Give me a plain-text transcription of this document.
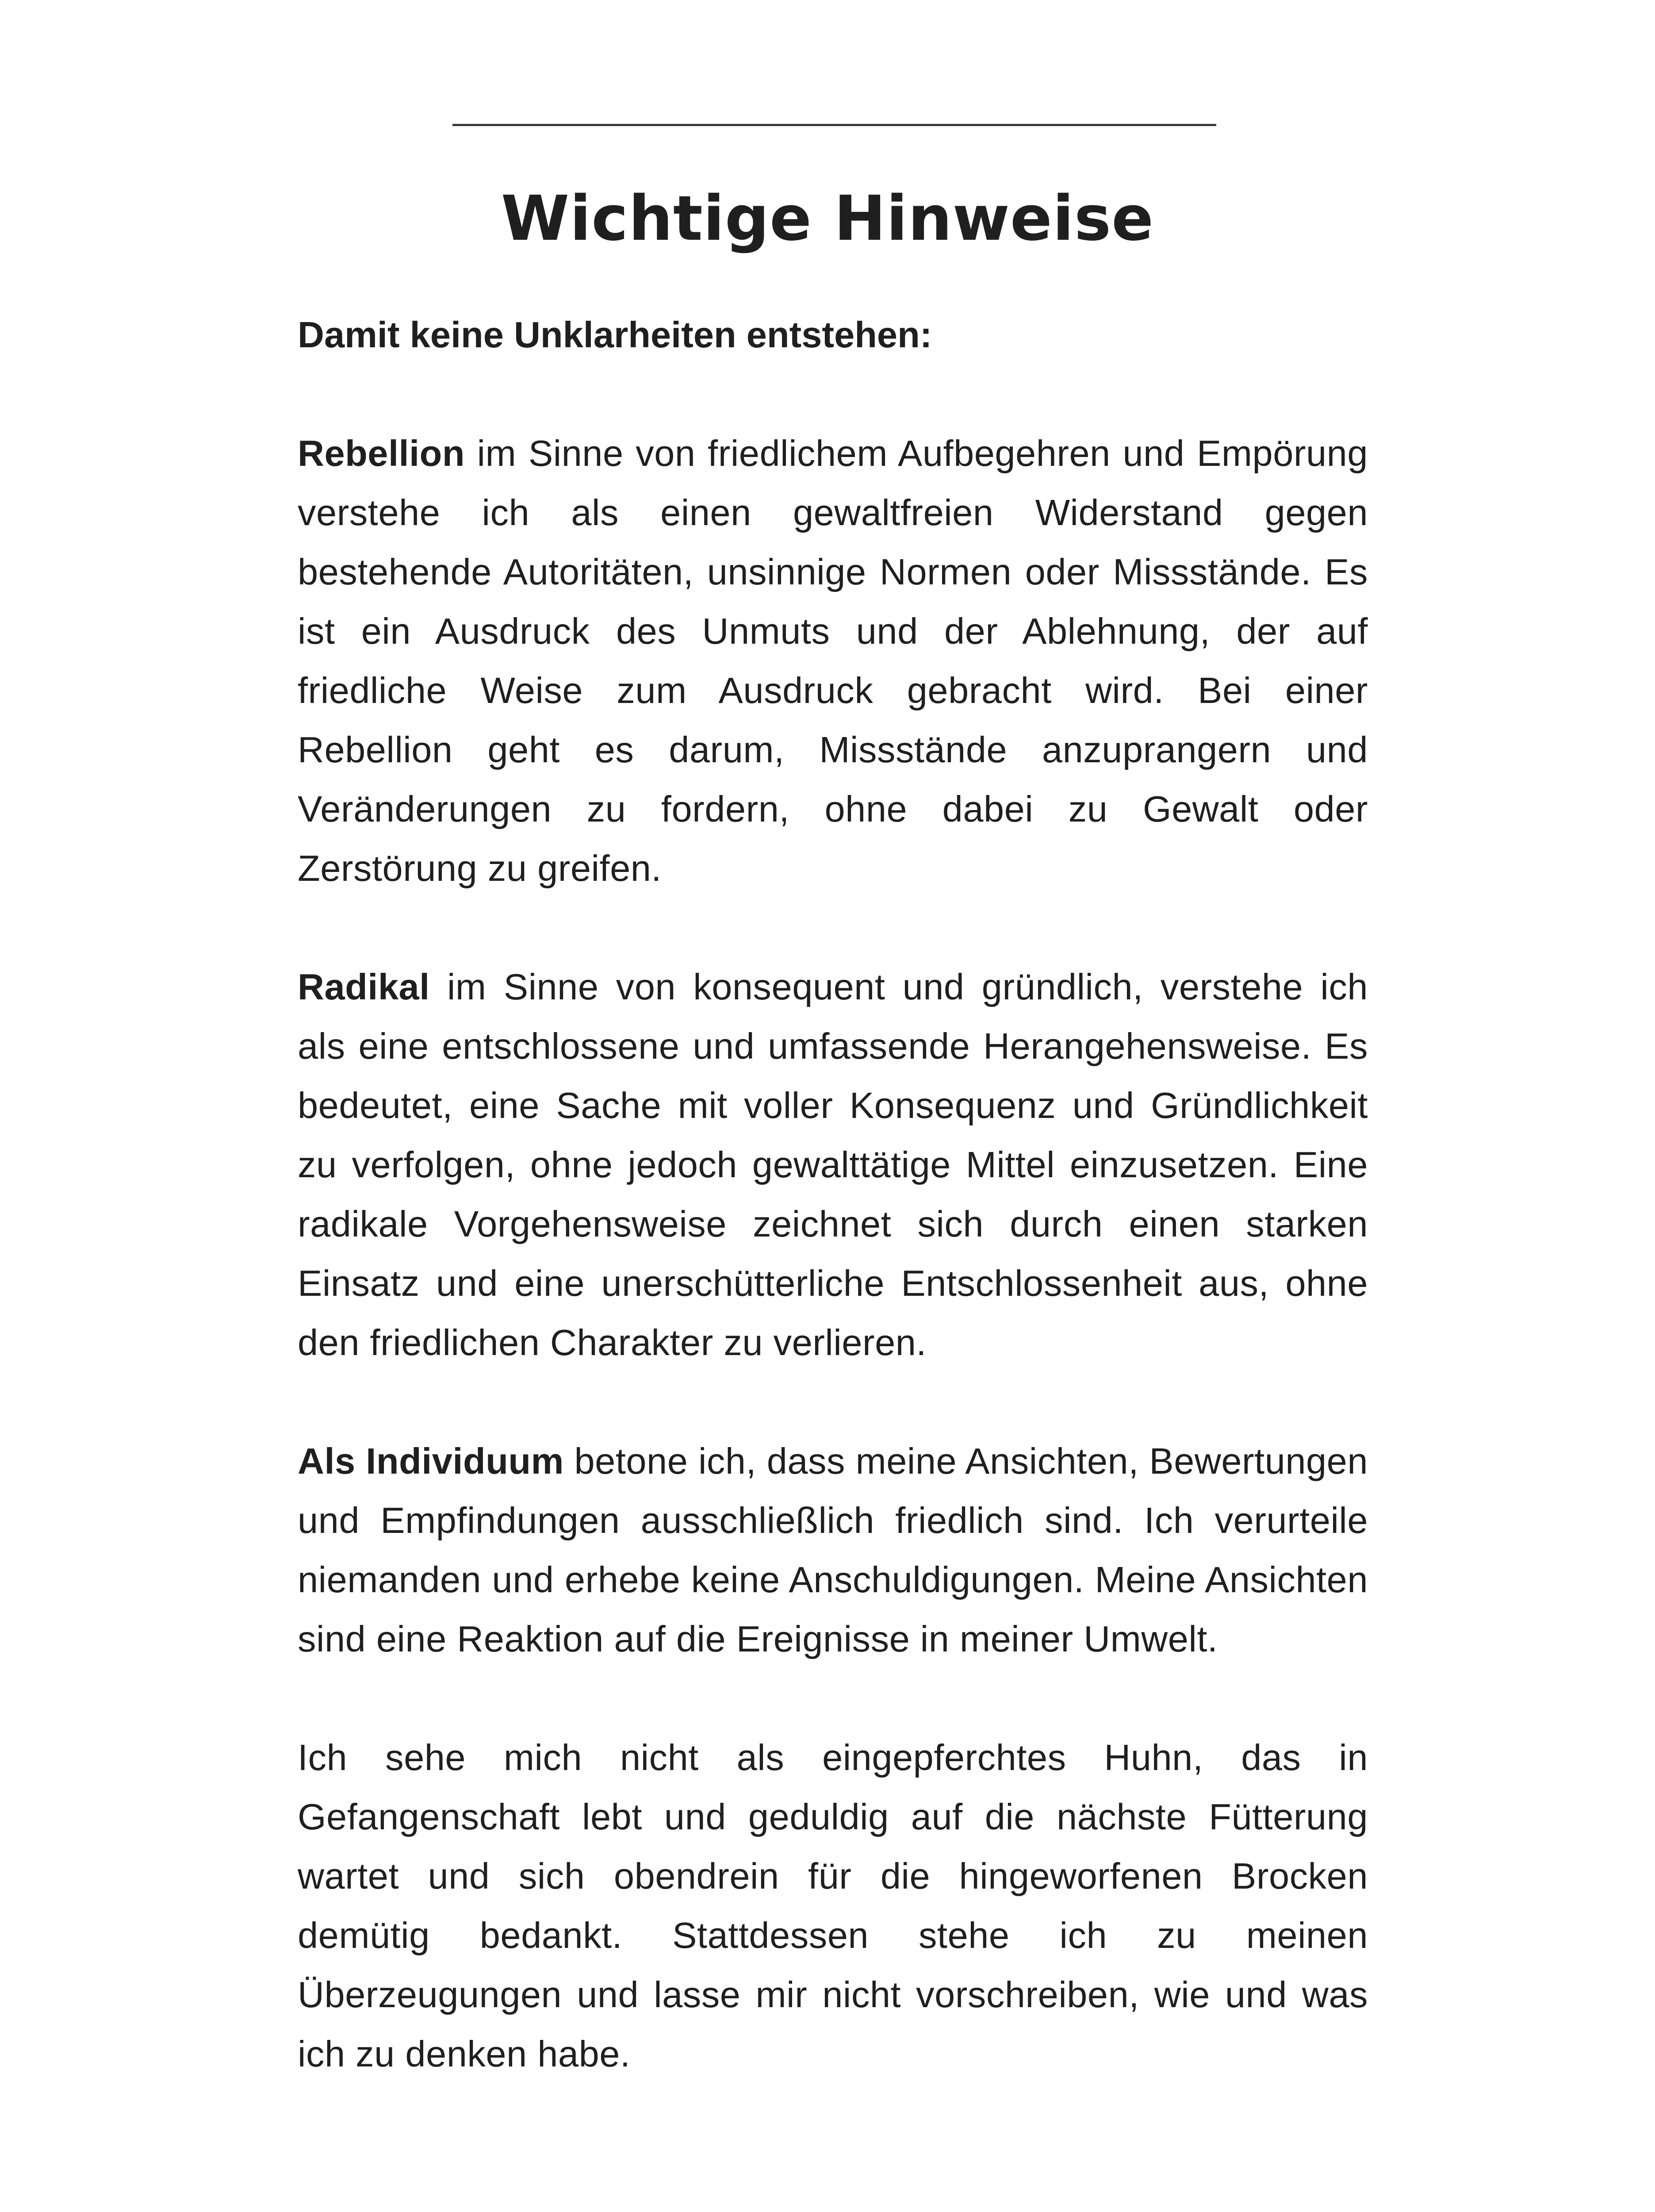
Wichtige Hinweise

Damit keine Unklarheiten entstehen:

Rebellion im Sinne von friedlichem Aufbegehren und Empörung verstehe ich als einen gewaltfreien Widerstand gegen bestehende Autoritäten, unsinnige Normen oder Missstände. Es ist ein Ausdruck des Unmuts und der Ablehnung, der auf friedliche Weise zum Ausdruck gebracht wird. Bei einer Rebellion geht es darum, Missstände anzuprangern und Veränderungen zu fordern, ohne dabei zu Gewalt oder Zerstörung zu greifen.

Radikal im Sinne von konsequent und gründlich, verstehe ich als eine entschlossene und umfassende Herangehensweise. Es bedeutet, eine Sache mit voller Konsequenz und Gründlichkeit zu verfolgen, ohne jedoch gewalttätige Mittel einzusetzen. Eine radikale Vorgehensweise zeichnet sich durch einen starken Einsatz und eine unerschütterliche Entschlossenheit aus, ohne den friedlichen Charakter zu verlieren.

Als Individuum betone ich, dass meine Ansichten, Bewertungen und Empfindungen ausschließlich friedlich sind. Ich verurteile niemanden und erhebe keine Anschuldigungen. Meine Ansichten sind eine Reaktion auf die Ereignisse in meiner Umwelt.

Ich sehe mich nicht als eingepferchtes Huhn, das in Gefangenschaft lebt und geduldig auf die nächste Fütterung wartet und sich obendrein für die hingeworfenen Brocken demütig bedankt. Stattdessen stehe ich zu meinen Überzeugungen und lasse mir nicht vorschreiben, wie und was ich zu denken habe.
